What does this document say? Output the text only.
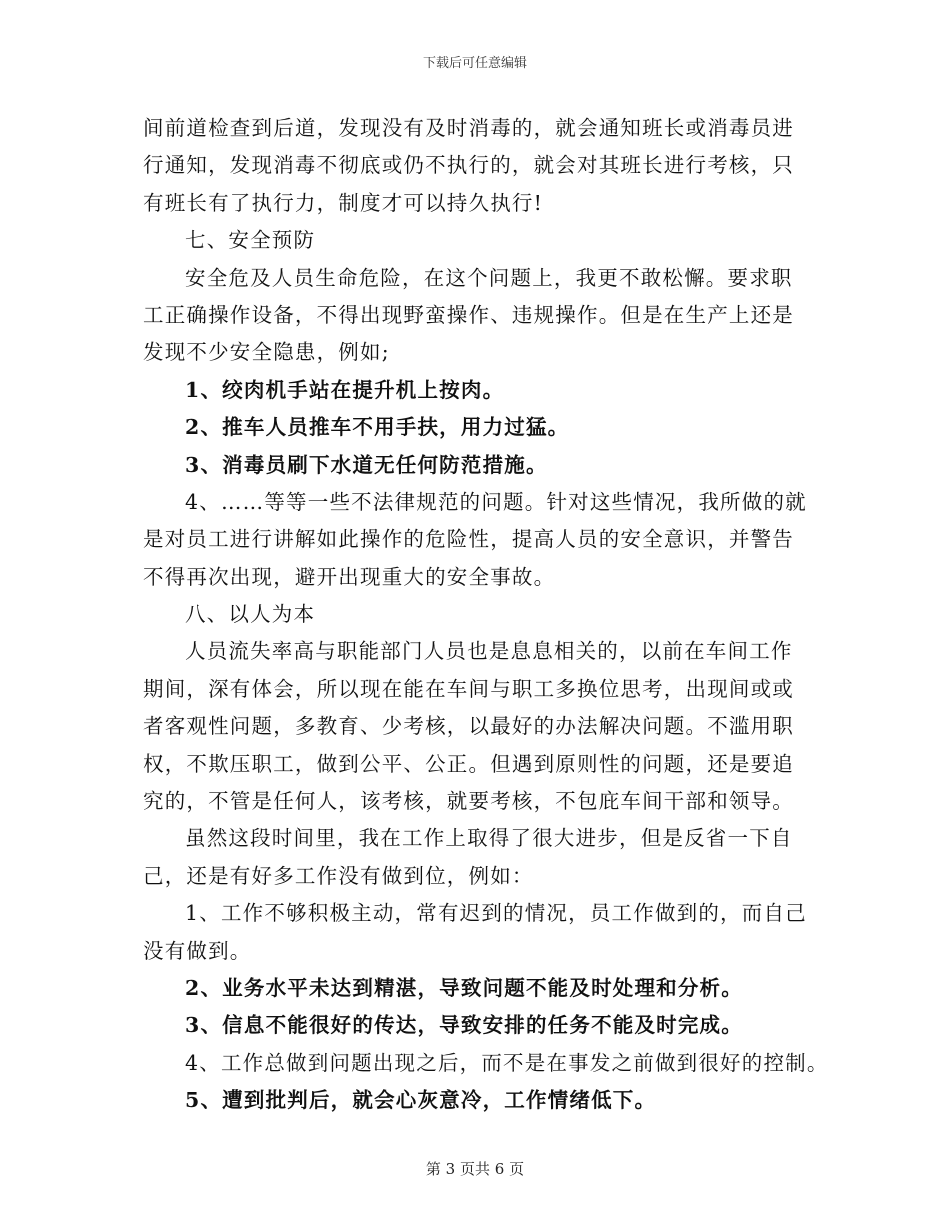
下载后可任意编辑
间前道检查到后道，发现没有及时消毒的，就会通知班长或消毒员进
行通知，发现消毒不彻底或仍不执行的，就会对其班长进行考核，只
有班长有了执行力，制度才可以持久执行!
七、安全预防
安全危及人员生命危险，在这个问题上，我更不敢松懈。要求职
工正确操作设备，不得出现野蛮操作、违规操作。但是在生产上还是
发现不少安全隐患，例如;
1、绞肉机手站在提升机上按肉。
2、推车人员推车不用手扶，用力过猛。
3、消毒员刷下水道无任何防范措施。
4、……等等一些不法律规范的问题。针对这些情况，我所做的就
是对员工进行讲解如此操作的危险性，提高人员的安全意识，并警告
不得再次出现，避开出现重大的安全事故。
八、以人为本
人员流失率高与职能部门人员也是息息相关的，以前在车间工作
期间，深有体会，所以现在能在车间与职工多换位思考，出现间或或
者客观性问题，多教育、少考核，以最好的办法解决问题。不滥用职
权，不欺压职工，做到公平、公正。但遇到原则性的问题，还是要追
究的，不管是任何人，该考核，就要考核，不包庇车间干部和领导。
虽然这段时间里，我在工作上取得了很大进步，但是反省一下自
己，还是有好多工作没有做到位，例如：
1、工作不够积极主动，常有迟到的情况，员工作做到的，而自己
没有做到。
2、业务水平未达到精湛，导致问题不能及时处理和分析。
3、信息不能很好的传达，导致安排的任务不能及时完成。
4、工作总做到问题出现之后，而不是在事发之前做到很好的控制。
5、遭到批判后，就会心灰意冷，工作情绪低下。
第 3 页共 6 页
